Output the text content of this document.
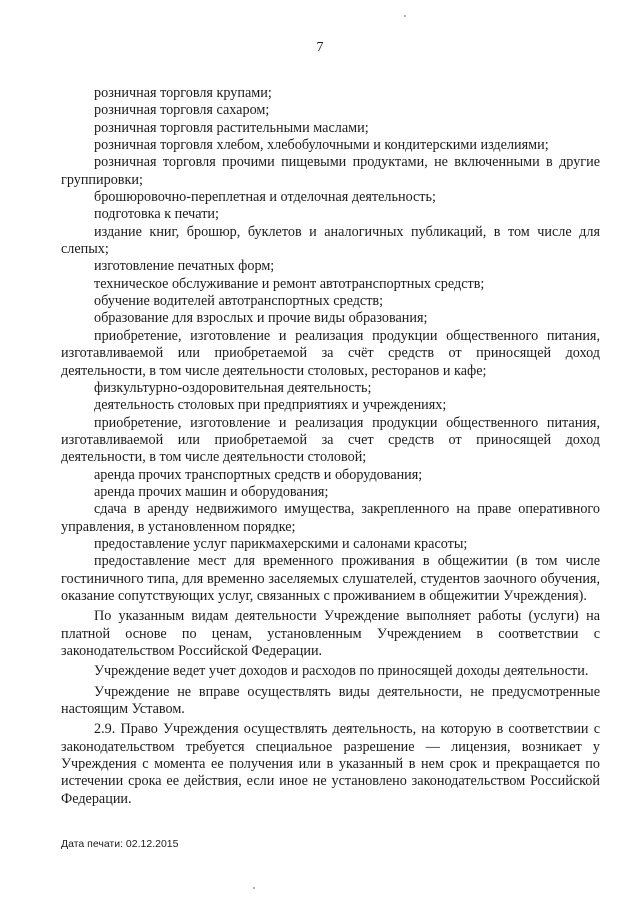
7

розничная торговля крупами;

розничная торговля сахаром;

розничная торговля растительными маслами;

розничная торговля хлебом, хлебобулочными и кондитерскими изделиями;

розничная торговля прочими пищевыми продуктами, не включенными в другие группировки;

брошюровочно-переплетная и отделочная деятельность;

подготовка к печати;

издание книг, брошюр, буклетов и аналогичных публикаций, в том числе для слепых;

изготовление печатных форм;

техническое обслуживание и ремонт автотранспортных средств;

обучение водителей автотранспортных средств;

образование для взрослых и прочие виды образования;

приобретение, изготовление и реализация продукции общественного питания, изготавливаемой или приобретаемой за счёт средств от приносящей доход деятельности, в том числе деятельности столовых, ресторанов и кафе;

физкультурно-оздоровительная деятельность;

деятельность столовых при предприятиях и учреждениях;

приобретение, изготовление и реализация продукции общественного питания, изготавливаемой или приобретаемой за счет средств от приносящей доход деятельности, в том числе деятельности столовой;

аренда прочих транспортных средств и оборудования;

аренда прочих машин и оборудования;

сдача в аренду недвижимого имущества, закрепленного на праве оперативного управления, в установленном порядке;

предоставление услуг парикмахерскими и салонами красоты;

предоставление мест для временного проживания в общежитии (в том числе гостиничного типа, для временно заселяемых слушателей, студентов заочного обучения, оказание сопутствующих услуг, связанных с проживанием в общежитии Учреждения).

По указанным видам деятельности Учреждение выполняет работы (услуги) на платной основе по ценам, установленным Учреждением в соответствии с законодательством Российской Федерации.

Учреждение ведет учет доходов и расходов по приносящей доходы деятельности.

Учреждение не вправе осуществлять виды деятельности, не предусмотренные настоящим Уставом.

2.9. Право Учреждения осуществлять деятельность, на которую в соответствии с законодательством требуется специальное разрешение — лицензия, возникает у Учреждения с момента ее получения или в указанный в нем срок и прекращается по истечении срока ее действия, если иное не установлено законодательством Российской Федерации.

Дата печати: 02.12.2015
